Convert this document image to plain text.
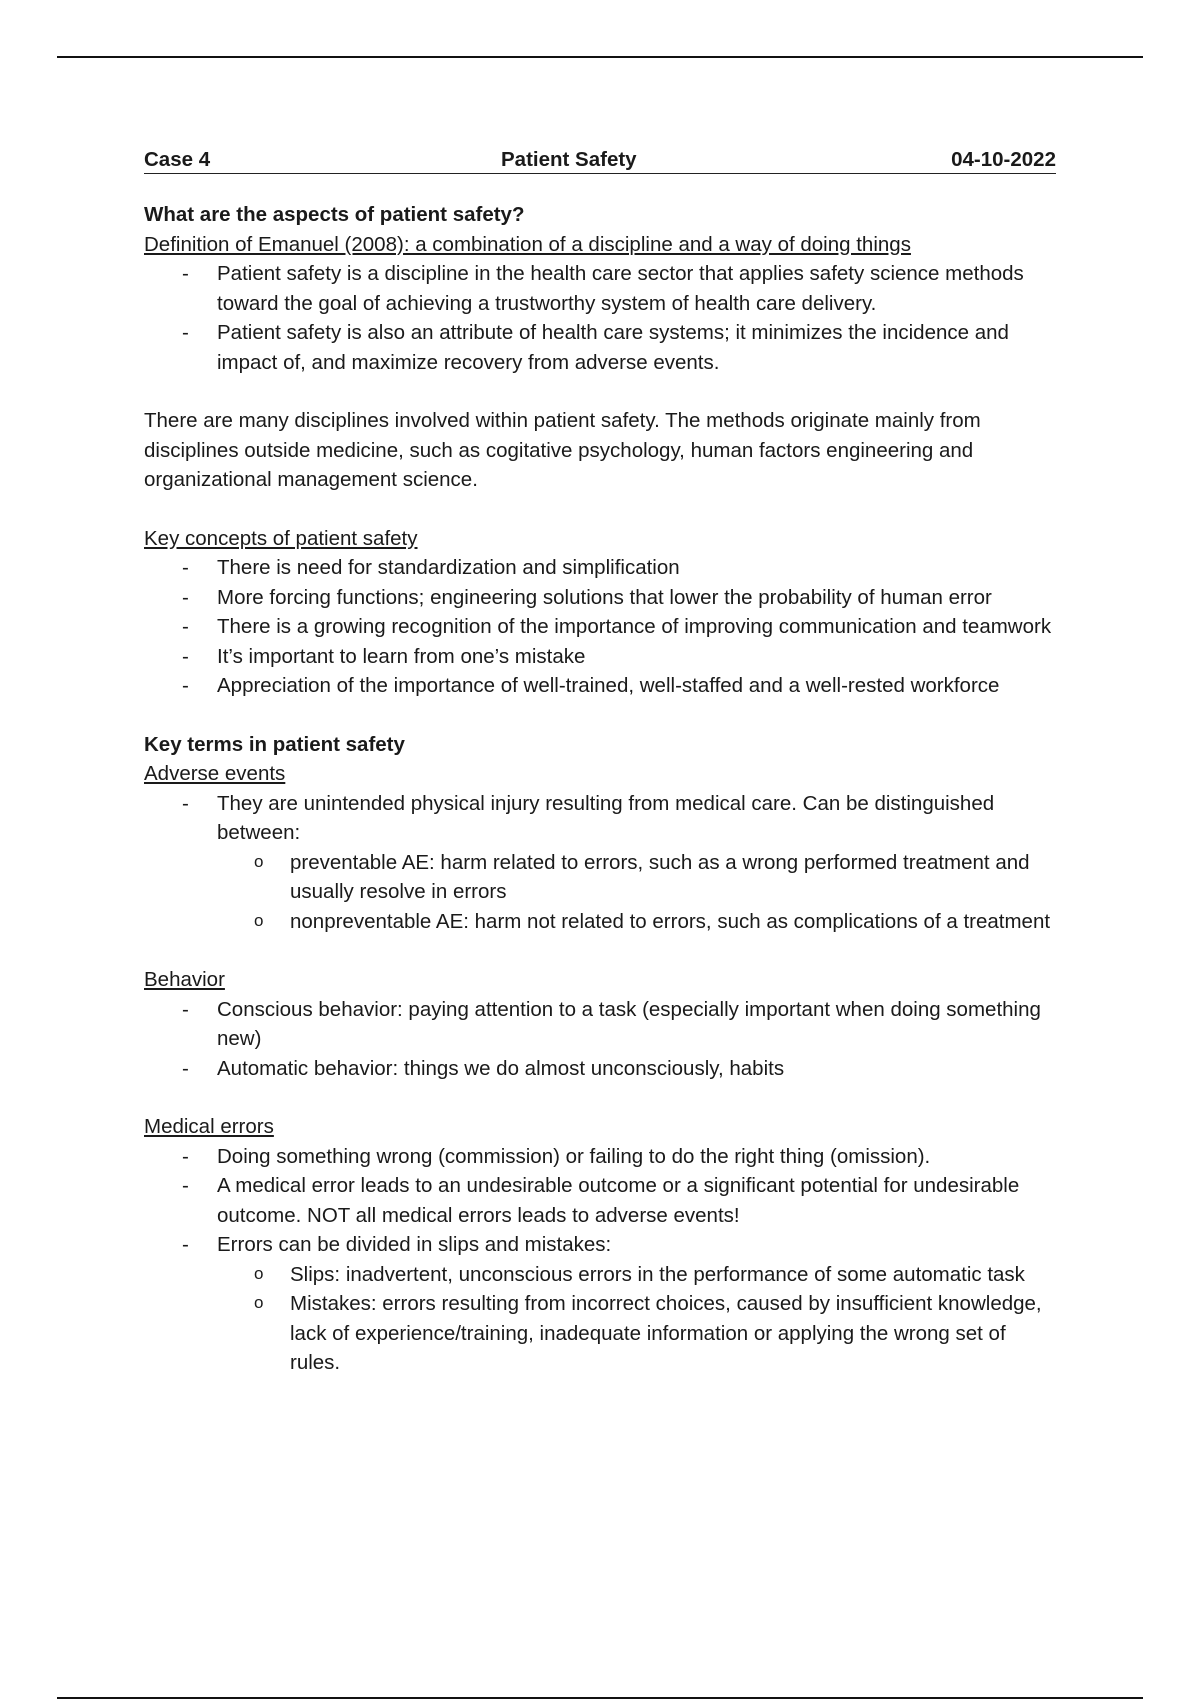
Case 4	Patient Safety	04-10-2022

What are the aspects of patient safety?

Definition of Emanuel (2008): a combination of a discipline and a way of doing things

- Patient safety is a discipline in the health care sector that applies safety science methods toward the goal of achieving a trustworthy system of health care delivery.
- Patient safety is also an attribute of health care systems; it minimizes the incidence and impact of, and maximize recovery from adverse events.

There are many disciplines involved within patient safety. The methods originate mainly from disciplines outside medicine, such as cogitative psychology, human factors engineering and organizational management science.

Key concepts of patient safety

- There is need for standardization and simplification
- More forcing functions; engineering solutions that lower the probability of human error
- There is a growing recognition of the importance of improving communication and teamwork
- It’s important to learn from one’s mistake
- Appreciation of the importance of well-trained, well-staffed and a well-rested workforce

Key terms in patient safety

Adverse events

- They are unintended physical injury resulting from medical care. Can be distinguished between:
o preventable AE: harm related to errors, such as a wrong performed treatment and usually resolve in errors
o nonpreventable AE: harm not related to errors, such as complications of a treatment

Behavior

- Conscious behavior: paying attention to a task (especially important when doing something new)
- Automatic behavior: things we do almost unconsciously, habits

Medical errors

- Doing something wrong (commission) or failing to do the right thing (omission).
- A medical error leads to an undesirable outcome or a significant potential for undesirable outcome. NOT all medical errors leads to adverse events!
- Errors can be divided in slips and mistakes:
o Slips: inadvertent, unconscious errors in the performance of some automatic task
o Mistakes: errors resulting from incorrect choices, caused by insufficient knowledge, lack of experience/training, inadequate information or applying the wrong set of rules.
